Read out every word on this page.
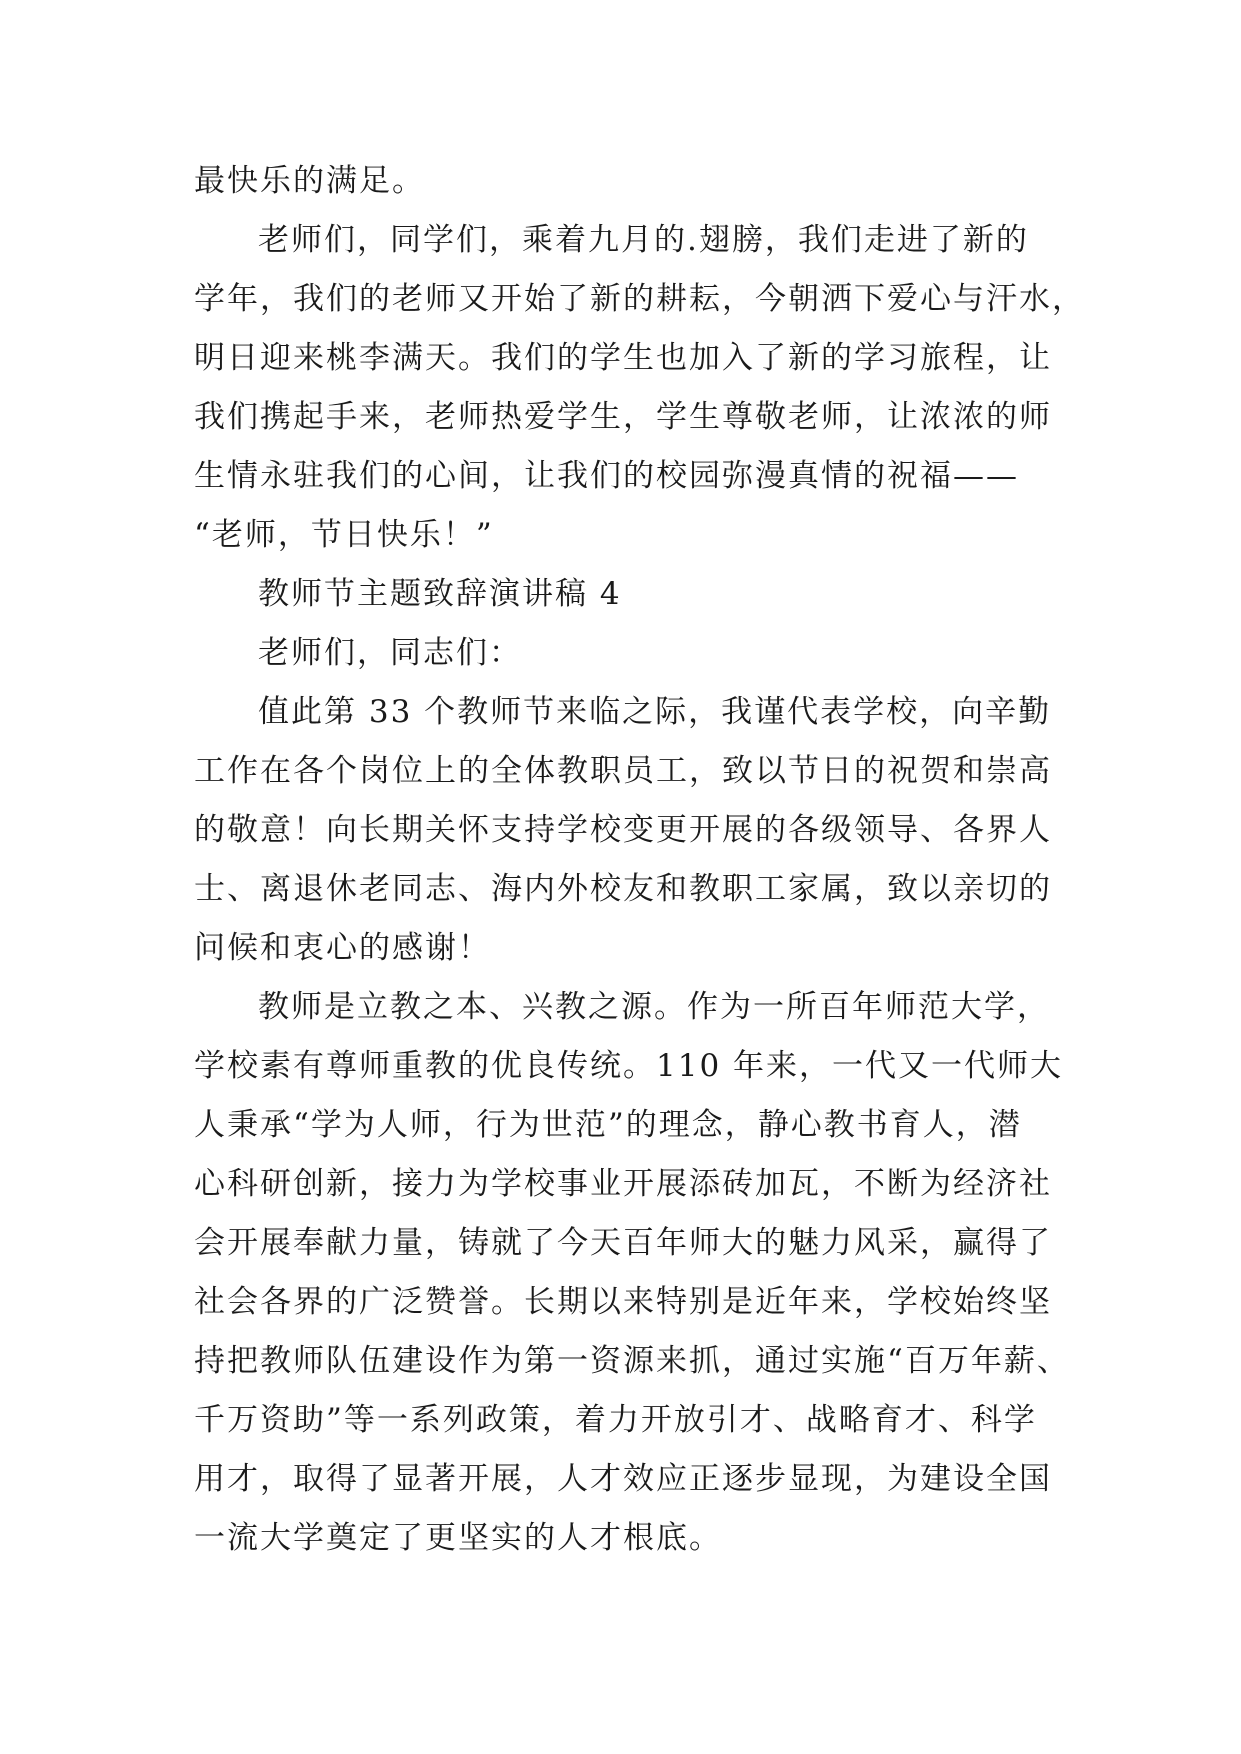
最快乐的满足。
老师们，同学们，乘着九月的.翅膀，我们走进了新的
学年，我们的老师又开始了新的耕耘，今朝洒下爱心与汗水，
明日迎来桃李满天。我们的学生也加入了新的学习旅程，让
我们携起手来，老师热爱学生，学生尊敬老师，让浓浓的师
生情永驻我们的心间，让我们的校园弥漫真情的祝福——
“老师，节日快乐！”
教师节主题致辞演讲稿 4
老师们，同志们：
值此第 33 个教师节来临之际，我谨代表学校，向辛勤
工作在各个岗位上的全体教职员工，致以节日的祝贺和崇高
的敬意！向长期关怀支持学校变更开展的各级领导、各界人
士、离退休老同志、海内外校友和教职工家属，致以亲切的
问候和衷心的感谢！
教师是立教之本、兴教之源。作为一所百年师范大学，
学校素有尊师重教的优良传统。110 年来，一代又一代师大
人秉承“学为人师，行为世范”的理念，静心教书育人，潜
心科研创新，接力为学校事业开展添砖加瓦，不断为经济社
会开展奉献力量，铸就了今天百年师大的魅力风采，赢得了
社会各界的广泛赞誉。长期以来特别是近年来，学校始终坚
持把教师队伍建设作为第一资源来抓，通过实施“百万年薪、
千万资助”等一系列政策，着力开放引才、战略育才、科学
用才，取得了显著开展，人才效应正逐步显现，为建设全国
一流大学奠定了更坚实的人才根底。
